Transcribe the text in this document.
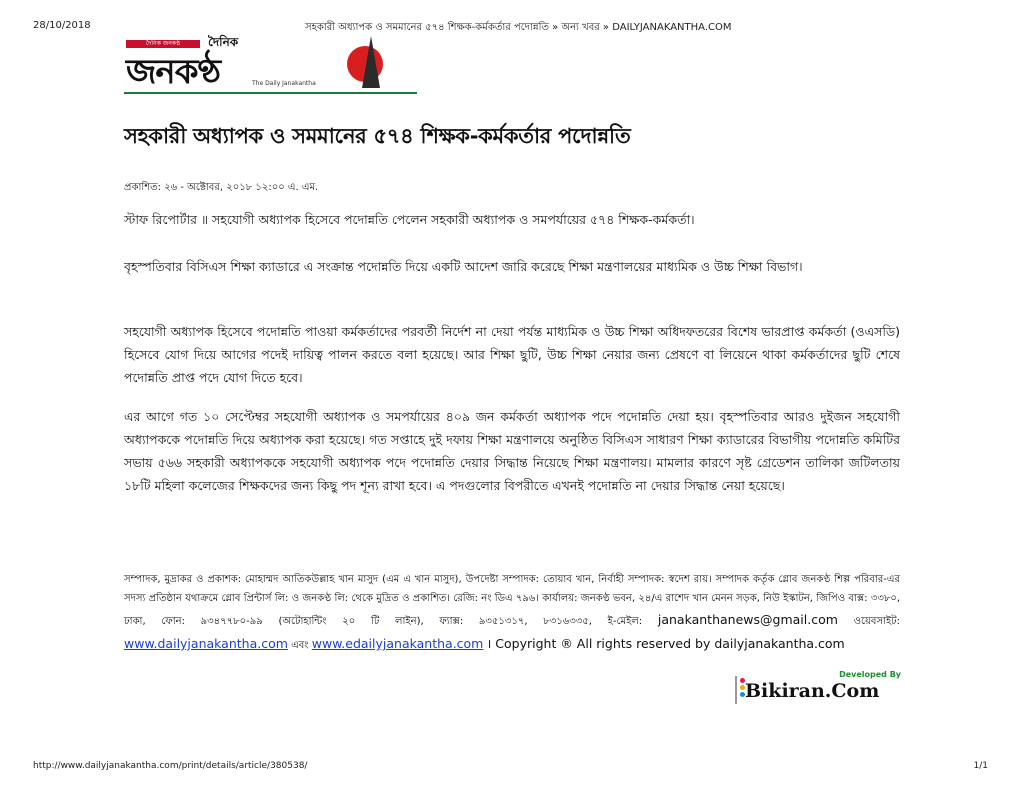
28/10/2018	সহকারী অধ্যাপক ও সমমানের ৫৭৪ শিক্ষক-কর্মকর্তার পদোন্নতি » অন্য খবর » DAILYJANAKANTHA.COM
দৈনিক জনকণ্ঠ	দৈনিক
জনকণ্ঠ	The Daily Janakantha
সহকারী অধ্যাপক ও সমমানের ৫৭৪ শিক্ষক-কর্মকর্তার পদোন্নতি
প্রকাশিত: ২৬ - অক্টোবর, ২০১৮ ১২:০০ এ. এম.
স্টাফ রিপোর্টার ॥ সহযোগী অধ্যাপক হিসেবে পদোন্নতি পেলেন সহকারী অধ্যাপক ও সমপর্যায়ের ৫৭৪ শিক্ষক-কর্মকর্তা।
বৃহস্পতিবার বিসিএস শিক্ষা ক্যাডারে এ সংক্রান্ত পদোন্নতি দিয়ে একটি আদেশ জারি করেছে শিক্ষা মন্ত্রণালয়ের মাধ্যমিক ও উচ্চ শিক্ষা বিভাগ।
সহযোগী অধ্যাপক হিসেবে পদোন্নতি পাওয়া কর্মকর্তাদের পরবর্তী নির্দেশ না দেয়া পর্যন্ত মাধ্যমিক ও উচ্চ শিক্ষা অধিদফতরের বিশেষ ভারপ্রাপ্ত কর্মকর্তা (ওএসডি) হিসেবে যোগ দিয়ে আগের পদেই দায়িত্ব পালন করতে বলা হয়েছে। আর শিক্ষা ছুটি, উচ্চ শিক্ষা নেয়ার জন্য প্রেষণে বা লিয়েনে থাকা কর্মকর্তাদের ছুটি শেষে পদোন্নতি প্রাপ্ত পদে যোগ দিতে হবে।
এর আগে গত ১০ সেপ্টেম্বর সহযোগী অধ্যাপক ও সমপর্যায়ের ৪০৯ জন কর্মকর্তা অধ্যাপক পদে পদোন্নতি দেয়া হয়। বৃহস্পতিবার আরও দুইজন সহযোগী অধ্যাপককে পদোন্নতি দিয়ে অধ্যাপক করা হয়েছে। গত সপ্তাহে দুই দফায় শিক্ষা মন্ত্রণালয়ে অনুষ্ঠিত বিসিএস সাধারণ শিক্ষা ক্যাডারের বিভাগীয় পদোন্নতি কমিটির সভায় ৫৬৬ সহকারী অধ্যাপককে সহযোগী অধ্যাপক পদে পদোন্নতি দেয়ার সিদ্ধান্ত নিয়েছে শিক্ষা মন্ত্রণালয়। মামলার কারণে সৃষ্ট গ্রেডেশন তালিকা জটিলতায় ১৮টি মহিলা কলেজের শিক্ষকদের জন্য কিছু পদ শূন্য রাখা হবে। এ পদগুলোর বিপরীতে এখনই পদোন্নতি না দেয়ার সিদ্ধান্ত নেয়া হয়েছে।
সম্পাদক, মুদ্রাকর ও প্রকাশক: মোহাম্মদ আতিকউল্লাহ খান মাসুদ (এম এ খান মাসুদ), উপদেষ্টা সম্পাদক: তোয়াব খান, নির্বাহী সম্পাদক: স্বদেশ রায়। সম্পাদক কর্তৃক গ্লোব জনকণ্ঠ শিল্প পরিবার-এর সদস্য প্রতিষ্ঠান যথাক্রমে গ্লোব প্রিন্টার্স লি: ও জনকণ্ঠ লি: থেকে মুদ্রিত ও প্রকাশিত। রেজি: নং ডিএ ৭৯৬। কার্যালয়: জনকণ্ঠ ভবন, ২৪/এ রাশেদ খান মেনন সড়ক, নিউ ইস্কাটন, জিপিও বাক্স: ৩৩৮০, ঢাকা, ফোন: ৯৩৪৭৭৮০-৯৯ (অটোহান্টিং ২০ টি লাইন), ফ্যাক্স: ৯৩৫১৩১৭, ৮৩১৬৩৩৫, ই-মেইল: janakanthanews@gmail.com ওয়েবসাইট: www.dailyjanakantha.com এবং www.edailyjanakantha.com । Copyright ® All rights reserved by dailyjanakantha.com
Developed By
Bikiran.Com
http://www.dailyjanakantha.com/print/details/article/380538/	1/1
